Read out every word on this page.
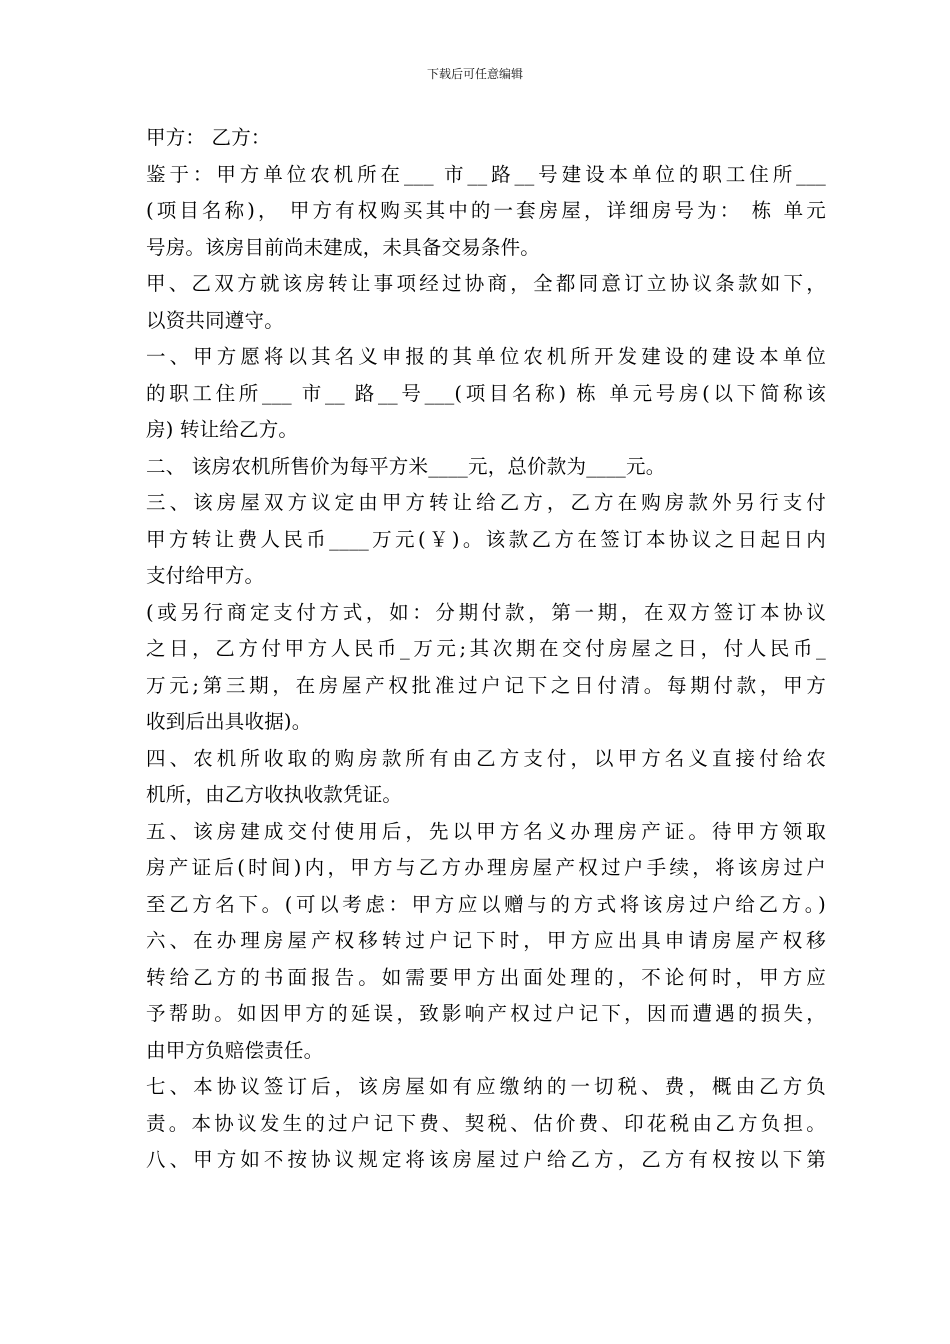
下载后可任意编辑
甲方： 乙方：
鉴于：甲方单位农机所在___ 市__路__号建设本单位的职工住所___
(项目名称)， 甲方有权购买其中的一套房屋，详细房号为： 栋 单元
号房。该房目前尚未建成，未具备交易条件。
甲、乙双方就该房转让事项经过协商，全都同意订立协议条款如下，
以资共同遵守。
一、甲方愿将以其名义申报的其单位农机所开发建设的建设本单位
的职工住所___ 市__ 路__号___(项目名称) 栋 单元号房(以下简称该
房) 转让给乙方。
二、 该房农机所售价为每平方米____元，总价款为____元。
三、该房屋双方议定由甲方转让给乙方，乙方在购房款外另行支付
甲方转让费人民币____万元(￥)。该款乙方在签订本协议之日起日内
支付给甲方。
(或另行商定支付方式，如：分期付款，第一期，在双方签订本协议
之日，乙方付甲方人民币_万元;其次期在交付房屋之日，付人民币_
万元;第三期，在房屋产权批准过户记下之日付清。每期付款，甲方
收到后出具收据)。
四、农机所收取的购房款所有由乙方支付，以甲方名义直接付给农
机所，由乙方收执收款凭证。
五、该房建成交付使用后，先以甲方名义办理房产证。待甲方领取
房产证后(时间)内，甲方与乙方办理房屋产权过户手续，将该房过户
至乙方名下。(可以考虑：甲方应以赠与的方式将该房过户给乙方。)
六、在办理房屋产权移转过户记下时，甲方应出具申请房屋产权移
转给乙方的书面报告。如需要甲方出面处理的，不论何时，甲方应
予帮助。如因甲方的延误，致影响产权过户记下，因而遭遇的损失，
由甲方负赔偿责任。
七、本协议签订后，该房屋如有应缴纳的一切税、费，概由乙方负
责。本协议发生的过户记下费、契税、估价费、印花税由乙方负担。
八、甲方如不按协议规定将该房屋过户给乙方，乙方有权按以下第
